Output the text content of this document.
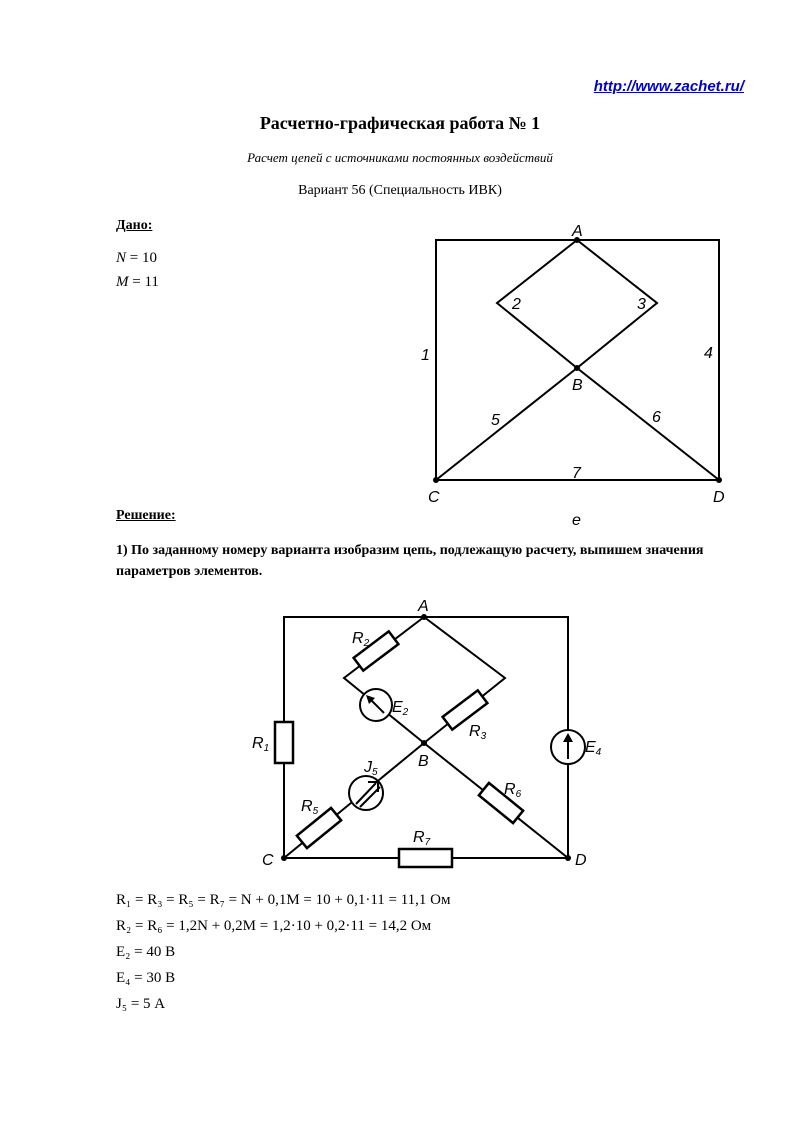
http://www.zachet.ru/
Расчетно-графическая работа № 1
Расчет цепей с источниками постоянных воздействий
Вариант 56 (Специальность ИВК)
Дано:
N = 10
M = 11
A
B
C	D
1
2	3
4
5	6
7
e
Решение:
1) По заданному номеру варианта изобразим цепь, подлежащую расчету, выпишем значения параметров элементов.
A
B
C	D
R2
E2
R3
R1	E4
J5
R6
R5
R7
R₁ = R₃ = R₅ = R₇ = N + 0,1M = 10 + 0,1·11 = 11,1 Ом
R₂ = R₆ = 1,2N + 0,2M = 1,2·10 + 0,2·11 = 14,2 Ом
E₂ = 40 В
E₄ = 30 В
J₅ = 5 А
